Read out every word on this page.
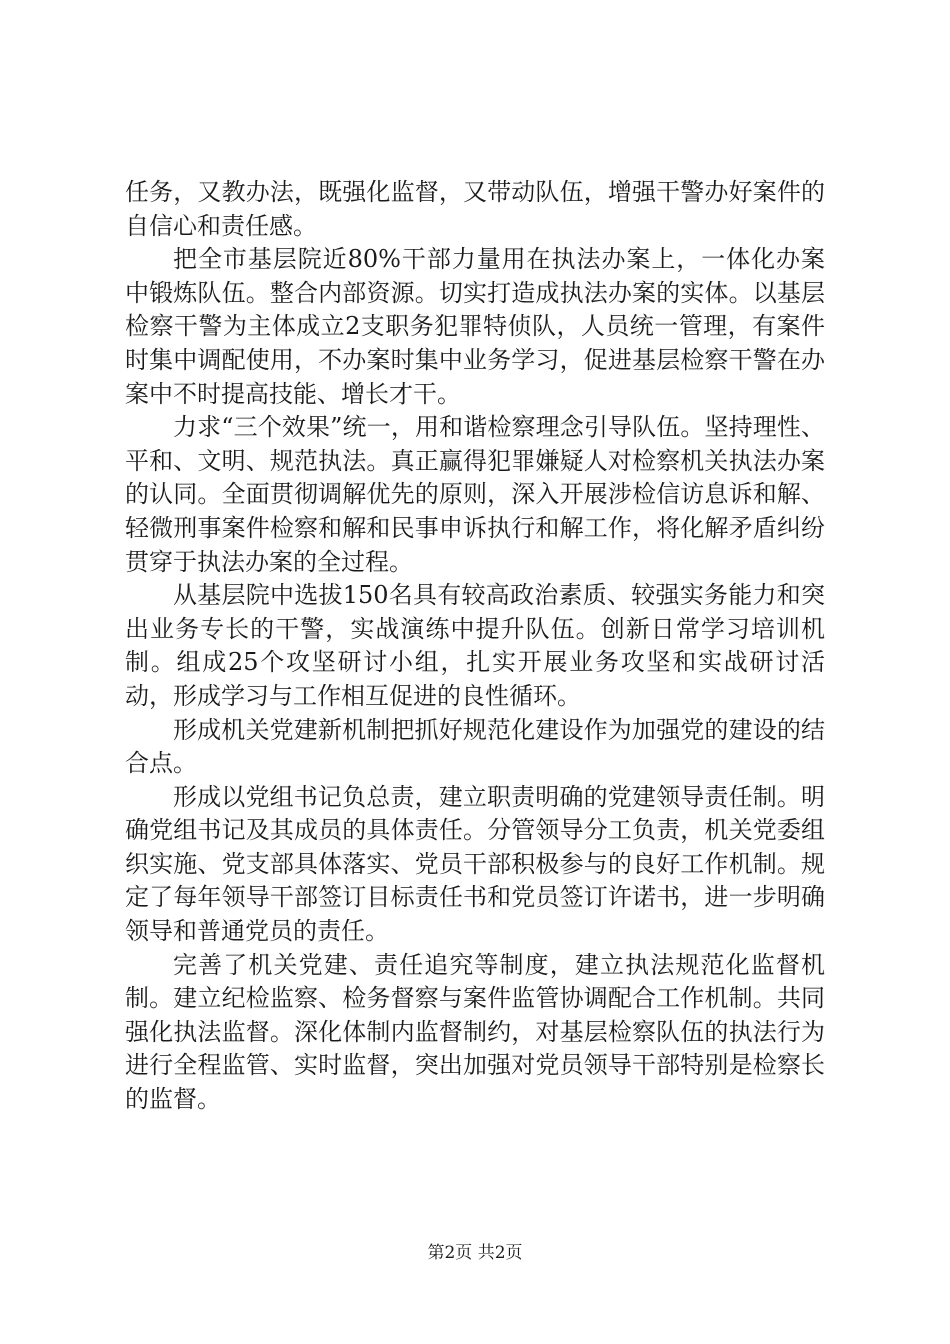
任务，又教办法，既强化监督，又带动队伍，增强干警办好案件的自信心和责任感。

把全市基层院近80%干部力量用在执法办案上，一体化办案中锻炼队伍。整合内部资源。切实打造成执法办案的实体。以基层检察干警为主体成立2支职务犯罪特侦队，人员统一管理，有案件时集中调配使用，不办案时集中业务学习，促进基层检察干警在办案中不时提高技能、增长才干。

力求“三个效果”统一，用和谐检察理念引导队伍。坚持理性、平和、文明、规范执法。真正赢得犯罪嫌疑人对检察机关执法办案的认同。全面贯彻调解优先的原则，深入开展涉检信访息诉和解、轻微刑事案件检察和解和民事申诉执行和解工作，将化解矛盾纠纷贯穿于执法办案的全过程。

从基层院中选拔150名具有较高政治素质、较强实务能力和突出业务专长的干警，实战演练中提升队伍。创新日常学习培训机制。组成25个攻坚研讨小组，扎实开展业务攻坚和实战研讨活动，形成学习与工作相互促进的良性循环。

形成机关党建新机制把抓好规范化建设作为加强党的建设的结合点。

形成以党组书记负总责，建立职责明确的党建领导责任制。明确党组书记及其成员的具体责任。分管领导分工负责，机关党委组织实施、党支部具体落实、党员干部积极参与的良好工作机制。规定了每年领导干部签订目标责任书和党员签订许诺书，进一步明确领导和普通党员的责任。

完善了机关党建、责任追究等制度，建立执法规范化监督机制。建立纪检监察、检务督察与案件监管协调配合工作机制。共同强化执法监督。深化体制内监督制约，对基层检察队伍的执法行为进行全程监管、实时监督，突出加强对党员领导干部特别是检察长的监督。

第2页 共2页
